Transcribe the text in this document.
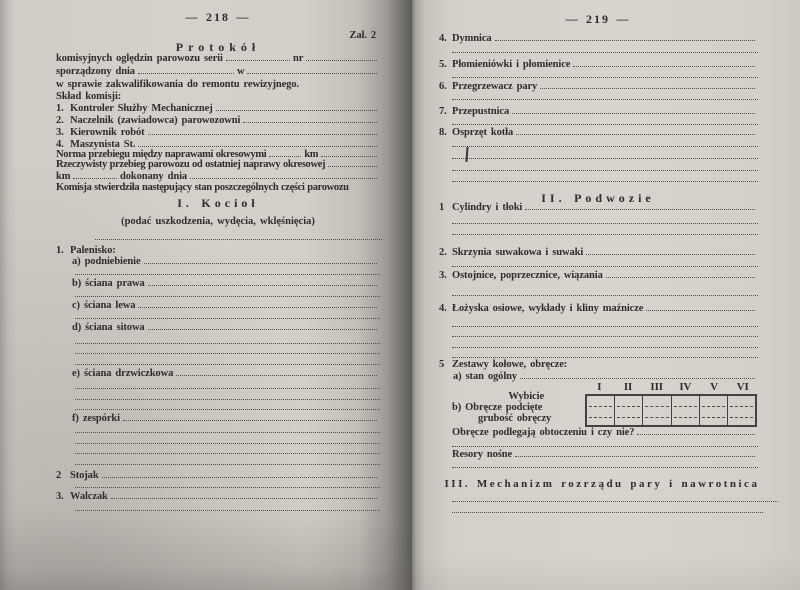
— 218 —
Zał. 2
Protokół
komisyjnych oględzin parowozu serii	nr
sporządzony dnia	w
w sprawie zakwalifikowania do remontu rewizyjnego.
Skład komisji:
1. Kontroler Służby Mechanicznej
2. Naczelnik (zawiadowca) parowozowni
3. Kierownik robót
4. Maszynista St.
Norma przebiegu między naprawami okresowymi	km
Rzeczywisty przebieg parowozu od ostatniej naprawy okresowej
km	dokonany dnia
Komisja stwierdziła następujący stan poszczególnych części parowozu
I. Kocioł
(podać uszkodzenia, wydęcia, wklęśnięcia)
1. Palenisko:
a) podniebienie
b) ściana prawa
c) ściana lewa
d) ściana sitowa
e) ściana drzwiczkowa
f) zespórki
2 Stojak
3. Walczak
— 219 —
4. Dymnica
5. Płomieniówki i płomienice
6. Przegrzewacz pary
7. Przepustnica
8. Osprzęt kotła
II. Podwozie
1 Cylindry i tłoki
2. Skrzynia suwakowa i suwaki
3. Ostojnice, poprzecznice, wiązania
4. Łożyska osiowe, wykłady i kliny maźnicze
5 Zestawy kołowe, obręcze:
a) stan ogólny
I	II	III	IV	V	VI
Wybicie
b) Obręcze podcięte
grubość obręczy
Obręcze podlegają obtoczeniu i czy nie?
Resory nośne
III. Mechanizm rozrządu pary i nawrotnica
